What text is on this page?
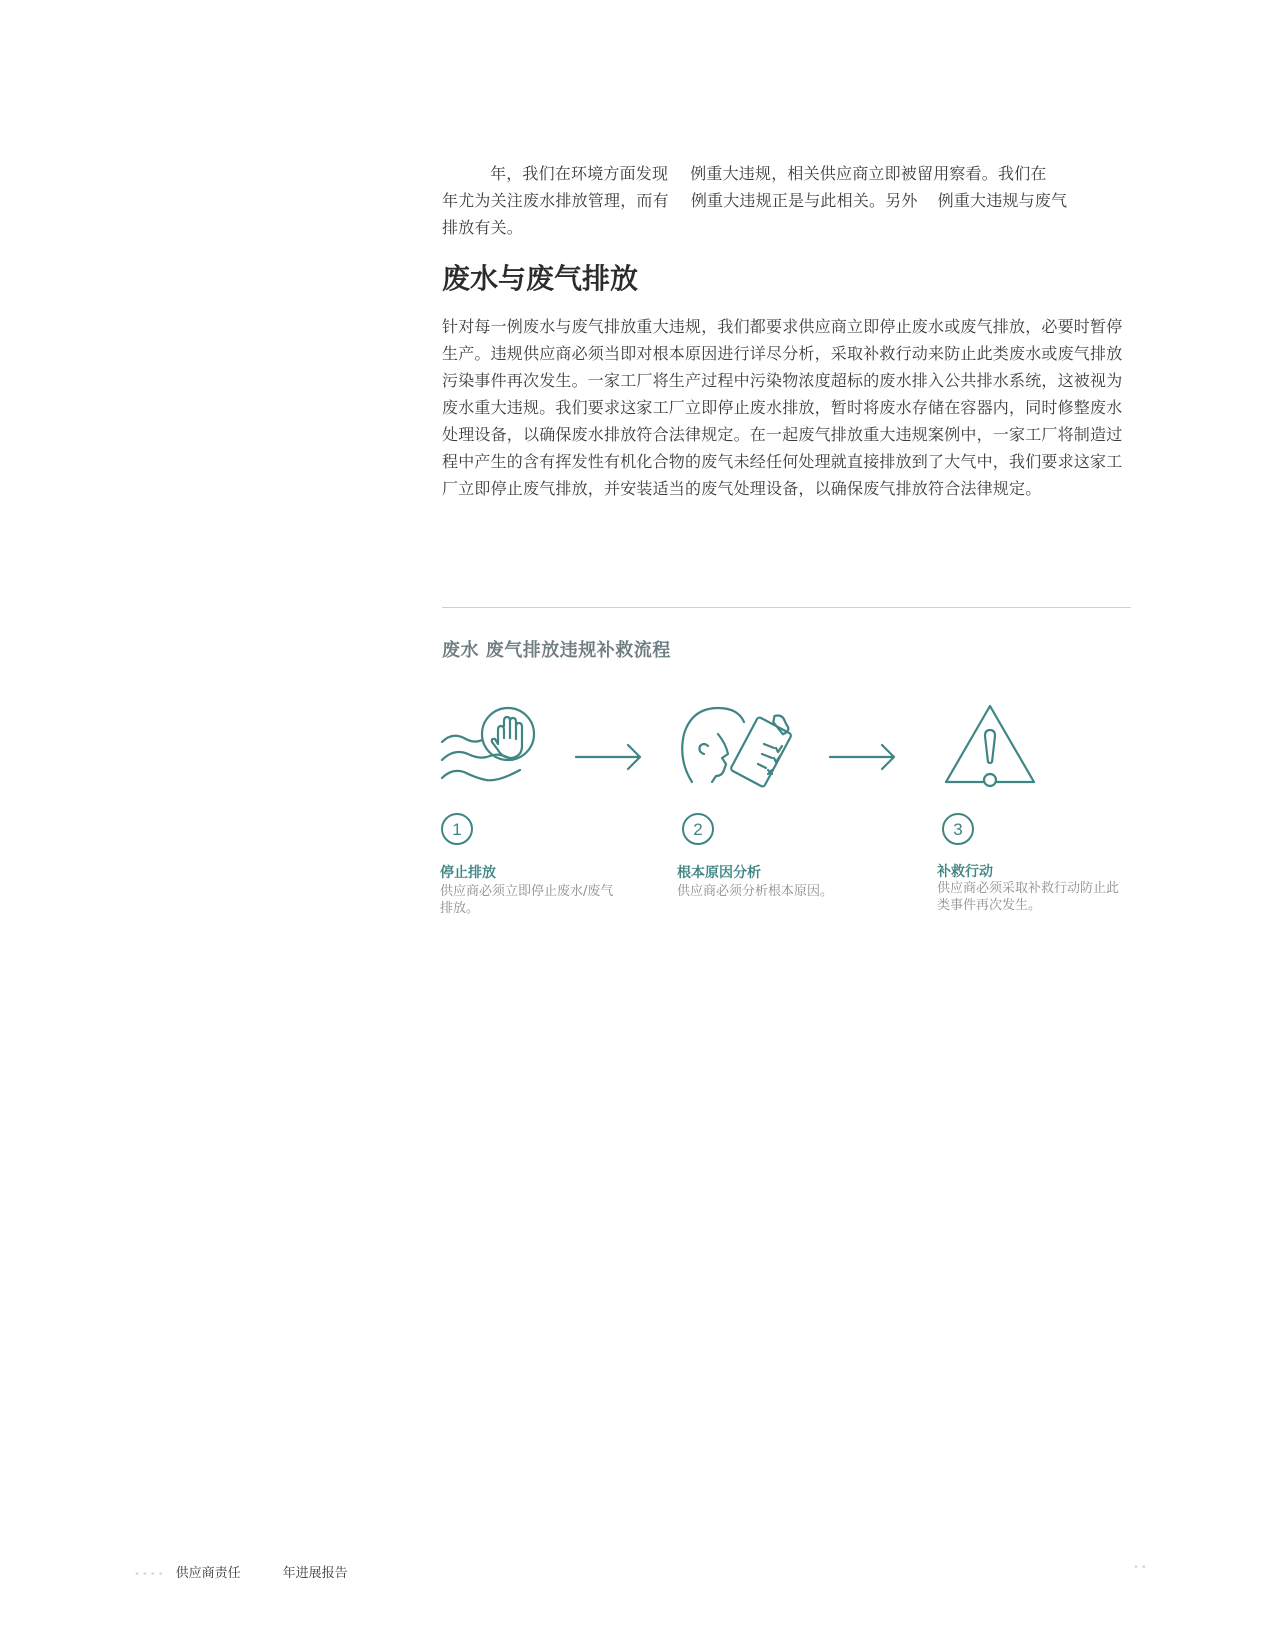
年，我们在环境方面发现 例重大违规，相关供应商立即被留用察看。我们在
年尤为关注废水排放管理，而有 例重大违规正是与此相关。另外 例重大违规与废气
排放有关。

废水与废气排放

针对每一例废水与废气排放重大违规，我们都要求供应商立即停止废水或废气排放，必要时暂停生产。违规供应商必须当即对根本原因进行详尽分析，采取补救行动来防止此类废水或废气排放污染事件再次发生。一家工厂将生产过程中污染物浓度超标的废水排入公共排水系统，这被视为废水重大违规。我们要求这家工厂立即停止废水排放，暂时将废水存储在容器内，同时修整废水处理设备，以确保废水排放符合法律规定。在一起废气排放重大违规案例中，一家工厂将制造过程中产生的含有挥发性有机化合物的废气未经任何处理就直接排放到了大气中，我们要求这家工厂立即停止废气排放，并安装适当的废气处理设备，以确保废气排放符合法律规定。

废水 废气排放违规补救流程
1	2	3
停止排放	根本原因分析	补救行动
供应商必须立即停止废水/废气排放。
供应商必须分析根本原因。	供应商必须采取补救行动防止此类事件再次发生。
•••• 供应商责任	年进展报告	••
